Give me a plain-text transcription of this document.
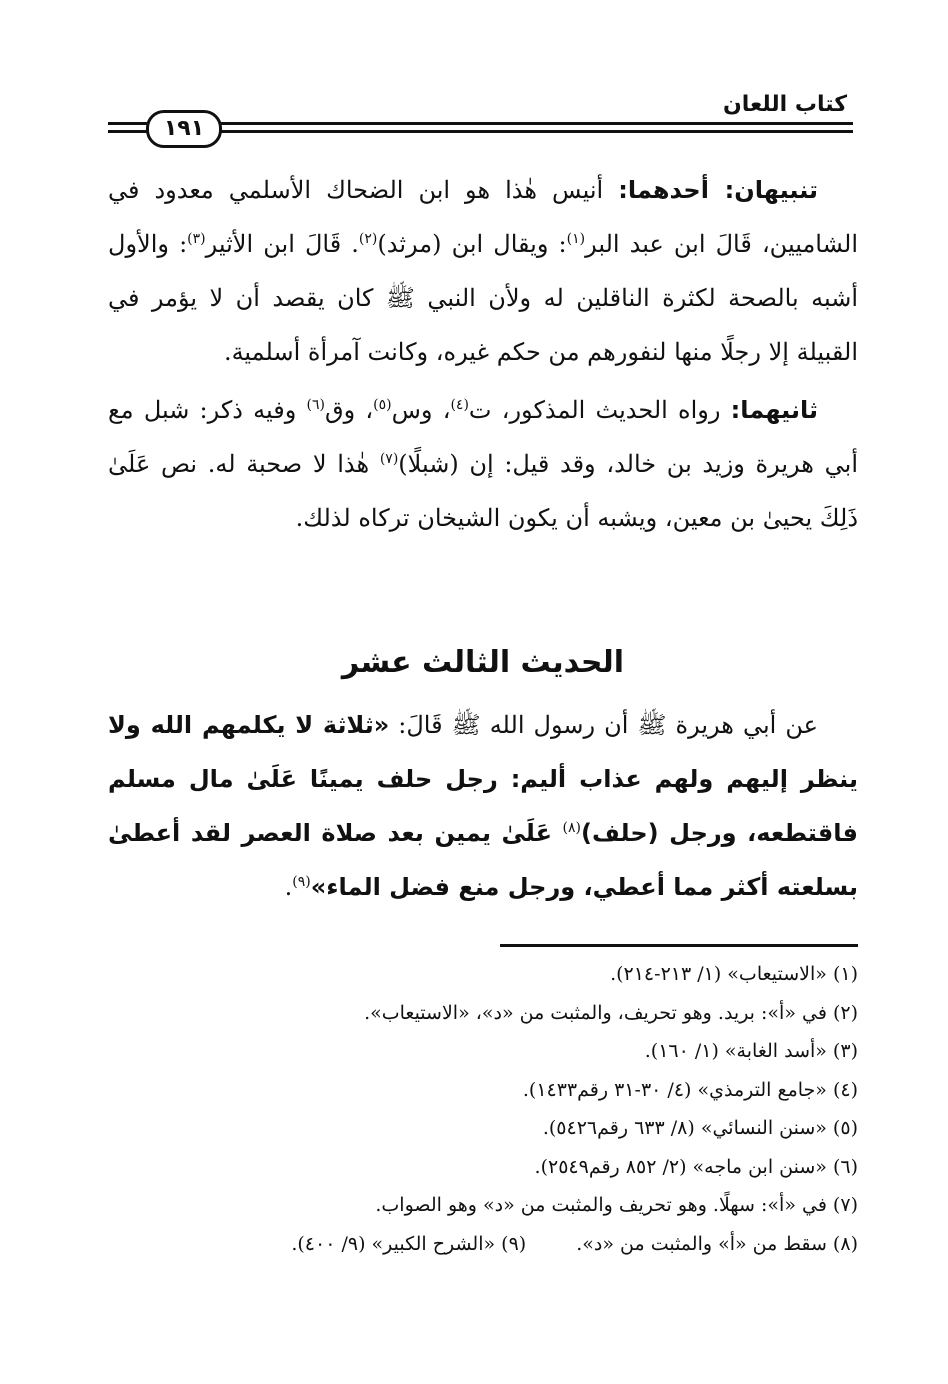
كتاب اللعان
١٩١

تنبيهان: أحدهما: أنيس هٰذا هو ابن الضحاك الأسلمي معدود في الشاميين، قَالَ ابن عبد البر$^{(١)}$: ويقال ابن (مرثد)$^{(٢)}$. قَالَ ابن الأثير$^{(٣)}$: والأول أشبه بالصحة لكثرة الناقلين له ولأن النبي ﷺ كان يقصد أن لا يؤمر في القبيلة إلا رجلًا منها لنفورهم من حكم غيره، وكانت آمرأة أسلمية.

ثانيهما: رواه الحديث المذكور، ت$^{(٤)}$، وس$^{(٥)}$، وق$^{(٦)}$ وفيه ذكر: شبل مع أبي هريرة وزيد بن خالد، وقد قيل: إن (شبلًا)$^{(٧)}$ هٰذا لا صحبة له. نص عَلَىٰ ذَلِكَ يحيىٰ بن معين، ويشبه أن يكون الشيخان تركاه لذلك.

الحديث الثالث عشر

عن أبي هريرة ﷺ أن رسول الله ﷺ قَالَ: «ثلاثة لا يكلمهم الله ولا ينظر إليهم ولهم عذاب أليم: رجل حلف يمينًا عَلَىٰ مال مسلم فاقتطعه، ورجل (حلف)$^{(٨)}$ عَلَىٰ يمين بعد صلاة العصر لقد أعطىٰ بسلعته أكثر مما أعطي، ورجل منع فضل الماء»$^{(٩)}$.

(١) «الاستيعاب» (١/ ٢١٣-٢١٤).
(٢) في «أ»: بريد. وهو تحريف، والمثبت من «د»، «الاستيعاب».
(٣) «أسد الغابة» (١/ ١٦٠).
(٤) «جامع الترمذي» (٤/ ٣٠-٣١ رقم١٤٣٣).
(٥) «سنن النسائي» (٨/ ٦٣٣ رقم٥٤٢٦).
(٦) «سنن ابن ماجه» (٢/ ٨٥٢ رقم٢٥٤٩).
(٧) في «أ»: سهلًا. وهو تحريف والمثبت من «د» وهو الصواب.
(٨) سقط من «أ» والمثبت من «د».(٩) «الشرح الكبير» (٩/ ٤٠٠).
